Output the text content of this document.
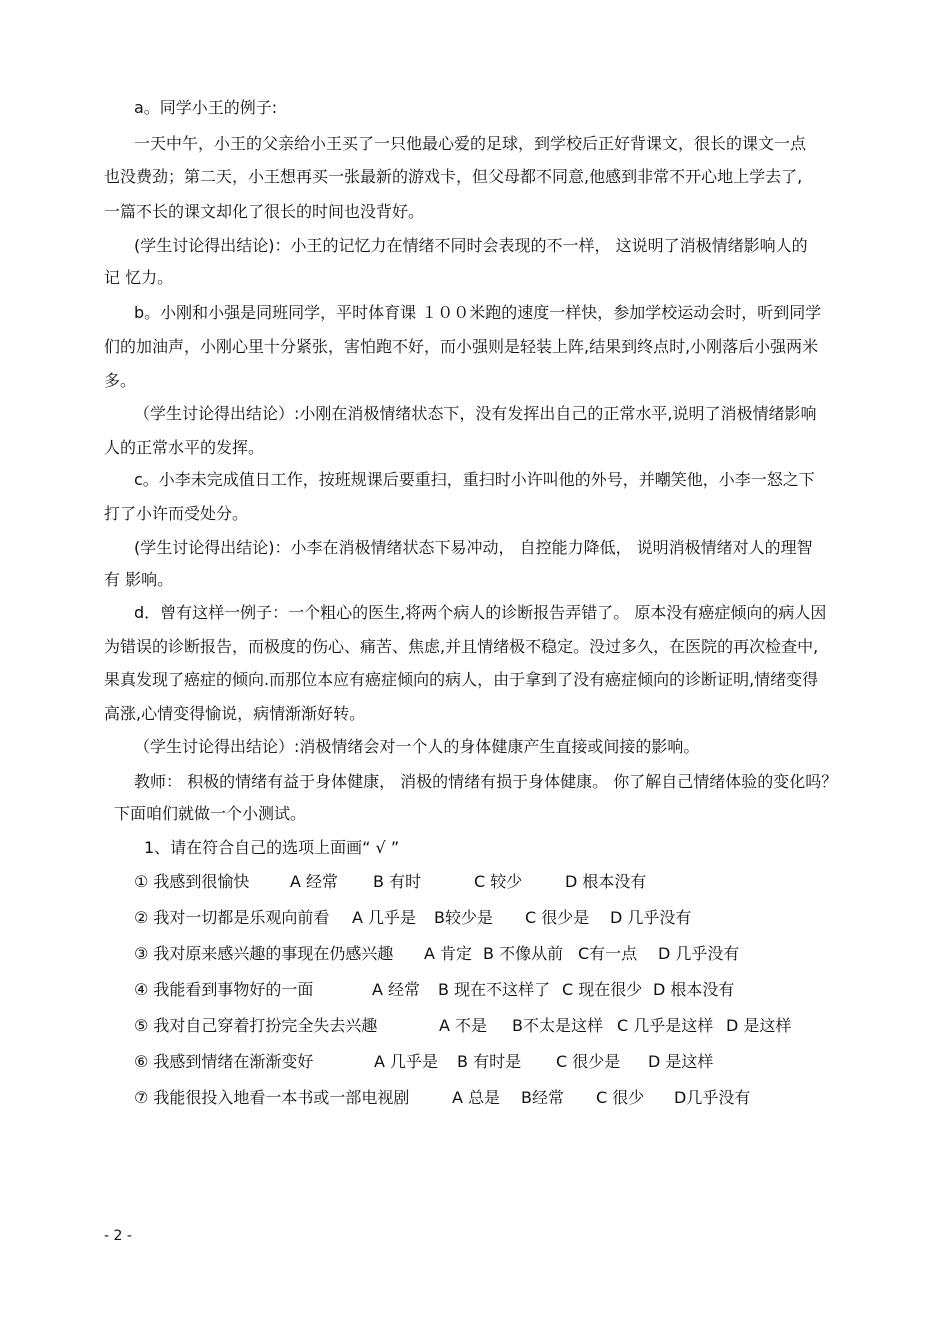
a。同学小王的例子:
一天中午，小王的父亲给小王买了一只他最心爱的足球，到学校后正好背课文，很长的课文一点
也没费劲；第二天，小王想再买一张最新的游戏卡，但父母都不同意,他感到非常不开心地上学去了,
一篇不长的课文却化了很长的时间也没背好。
(学生讨论得出结论)：小王的记忆力在情绪不同时会表现的不一样， 这说明了消极情绪影响人的
记 忆力。
b。小刚和小强是同班同学，平时体育课 １００米跑的速度一样快，参加学校运动会时，听到同学
们的加油声，小刚心里十分紧张，害怕跑不好，而小强则是轻装上阵,结果到终点时,小刚落后小强两米
多。
（学生讨论得出结论）:小刚在消极情绪状态下，没有发挥出自己的正常水平,说明了消极情绪影响
人的正常水平的发挥。
c。小李未完成值日工作，按班规课后要重扫，重扫时小许叫他的外号，并嘲笑他，小李一怒之下
打了小许而受处分。
(学生讨论得出结论)：小李在消极情绪状态下易冲动， 自控能力降低， 说明消极情绪对人的理智
有 影响。
d．曾有这样一例子：一个粗心的医生,将两个病人的诊断报告弄错了。 原本没有癌症倾向的病人因
为错误的诊断报告，而极度的伤心、痛苦、焦虑,并且情绪极不稳定。没过多久，在医院的再次检查中,
果真发现了癌症的倾向.而那位本应有癌症倾向的病人，由于拿到了没有癌症倾向的诊断证明,情绪变得
高涨,心情变得愉说，病情渐渐好转。
（学生讨论得出结论）:消极情绪会对一个人的身体健康产生直接或间接的影响。
教师： 积极的情绪有益于身体健康， 消极的情绪有损于身体健康。 你了解自己情绪体验的变化吗？
下面咱们就做一个小测试。
1、请在符合自己的选项上面画“ √ ”
① 我感到很愉快	A 经常 B 有时	C 较少	D 根本没有
② 我对一切都是乐观向前看 A 几乎是 B较少是 C 很少是 D 几乎没有
③ 我对原来感兴趣的事现在仍感兴趣 A 肯定 B 不像从前 C有一点 D 几乎没有
④ 我能看到事物好的一面	A 经常 B 现在不这样了 C 现在很少 D 根本没有
⑤ 我对自己穿着打扮完全失去兴趣	A 不是 B不太是这样 C 几乎是这样 D 是这样
⑥ 我感到情绪在渐渐变好	A 几乎是 B 有时是 C 很少是 D 是这样
⑦ 我能很投入地看一本书或一部电视剧	A 总是 B经常 C 很少 D几乎没有
- 2 -
